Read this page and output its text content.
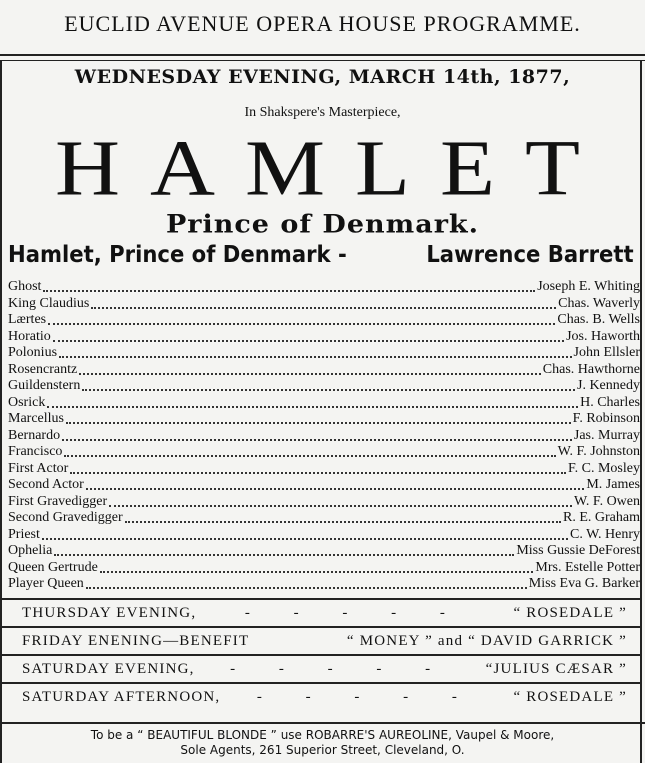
EUCLID AVENUE OPERA HOUSE PROGRAMME.
WEDNESDAY EVENING, MARCH 14th, 1877,
In Shakspere's Masterpiece,
HAMLET
Prince of Denmark.
Hamlet, Prince of Denmark -	Lawrence Barrett
Ghost	Joseph E. Whiting
King Claudius	Chas. Waverly
Lærtes	Chas. B. Wells
Horatio	Jos. Haworth
Polonius	John Ellsler
Rosencrantz	Chas. Hawthorne
Guildenstern	J. Kennedy
Osrick	H. Charles
Marcellus	F. Robinson
Bernardo	Jas. Murray
Francisco	W. F. Johnston
First Actor	F. C. Mosley
Second Actor	M. James
First Gravedigger	W. F. Owen
Second Gravedigger	R. E. Graham
Priest	C. W. Henry
Ophelia	Miss Gussie DeForest
Queen Gertrude	Mrs. Estelle Potter
Player Queen	Miss Eva G. Barker
THURSDAY EVENING,	- - - - -	“ ROSEDALE ”
FRIDAY ENENING—BENEFIT	“ MONEY ” and “ DAVID GARRICK ”
SATURDAY EVENING,	- - - - -	“JULIUS CÆSAR ”
SATURDAY AFTERNOON,	- - - - -	“ ROSEDALE ”
To be a “ BEAUTIFUL BLONDE ” use ROBARRE'S AUREOLINE, Vaupel & Moore,
Sole Agents, 261 Superior Street, Cleveland, O.
